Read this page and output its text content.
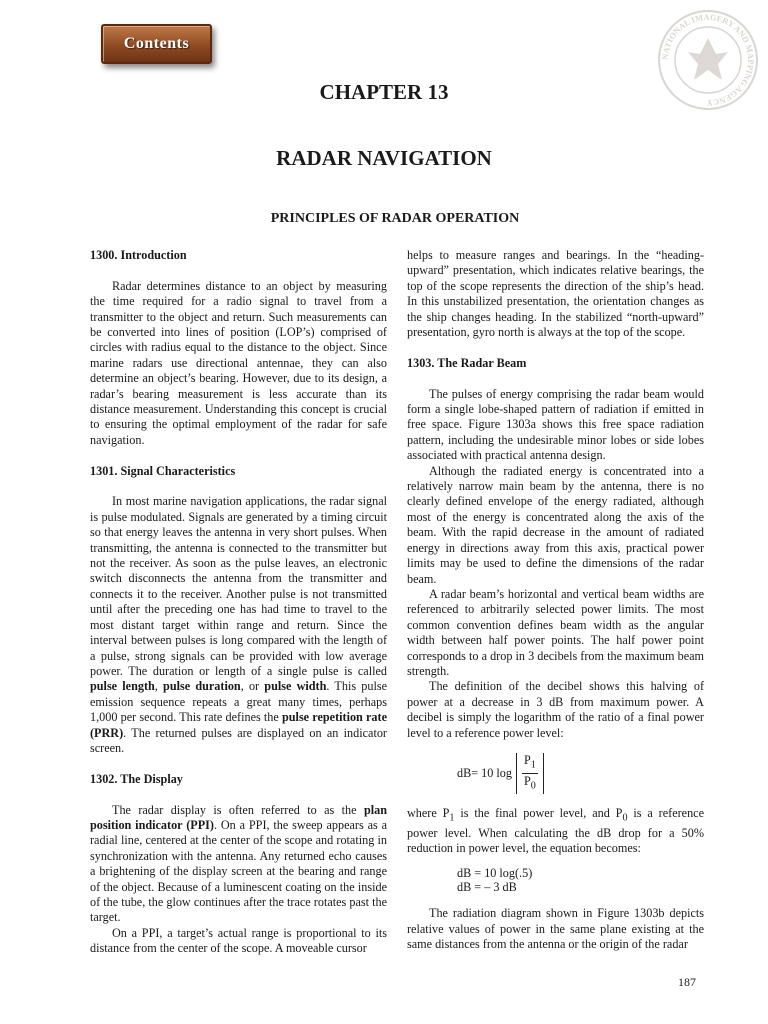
Contents
NATIONAL IMAGERY AND MAPPING AGENCY
CHAPTER 13
RADAR NAVIGATION
PRINCIPLES OF RADAR OPERATION
1300. Introduction

Radar determines distance to an object by measuring the time required for a radio signal to travel from a transmitter to the object and return. Such measurements can be converted into lines of position (LOP’s) comprised of circles with radius equal to the distance to the object. Since marine radars use directional antennae, they can also determine an object’s bearing. However, due to its design, a radar’s bearing measurement is less accurate than its distance measurement. Understanding this concept is crucial to ensuring the optimal employment of the radar for safe navigation.

1301. Signal Characteristics

In most marine navigation applications, the radar signal is pulse modulated. Signals are generated by a timing circuit so that energy leaves the antenna in very short pulses. When transmitting, the antenna is connected to the transmitter but not the receiver. As soon as the pulse leaves, an electronic switch disconnects the antenna from the transmitter and connects it to the receiver. Another pulse is not transmitted until after the preceding one has had time to travel to the most distant target within range and return. Since the interval between pulses is long compared with the length of a pulse, strong signals can be provided with low average power. The duration or length of a single pulse is called pulse length, pulse duration, or pulse width. This pulse emission sequence repeats a great many times, perhaps 1,000 per second. This rate defines the pulse repetition rate (PRR). The returned pulses are displayed on an indicator screen.

1302. The Display

The radar display is often referred to as the plan position indicator (PPI). On a PPI, the sweep appears as a radial line, centered at the center of the scope and rotating in synchronization with the antenna. Any returned echo causes a brightening of the display screen at the bearing and range of the object. Because of a luminescent coating on the inside of the tube, the glow continues after the trace rotates past the target.

On a PPI, a target’s actual range is proportional to its distance from the center of the scope. A moveable cursor

helps to measure ranges and bearings. In the “heading-upward” presentation, which indicates relative bearings, the top of the scope represents the direction of the ship’s head. In this unstabilized presentation, the orientation changes as the ship changes heading. In the stabilized “north-upward” presentation, gyro north is always at the top of the scope.

1303. The Radar Beam

The pulses of energy comprising the radar beam would form a single lobe-shaped pattern of radiation if emitted in free space. Figure 1303a shows this free space radiation pattern, including the undesirable minor lobes or side lobes associated with practical antenna design.

Although the radiated energy is concentrated into a relatively narrow main beam by the antenna, there is no clearly defined envelope of the energy radiated, although most of the energy is concentrated along the axis of the beam. With the rapid decrease in the amount of radiated energy in directions away from this axis, practical power limits may be used to define the dimensions of the radar beam.

A radar beam’s horizontal and vertical beam widths are referenced to arbitrarily selected power limits. The most common convention defines beam width as the angular width between half power points. The half power point corresponds to a drop in 3 decibels from the maximum beam strength.

The definition of the decibel shows this halving of power at a decrease in 3 dB from maximum power. A decibel is simply the logarithm of the ratio of a final power level to a reference power level:

dB= 10 $\log \frac{P_1}{P_0}$

where $P_1$ is the final power level, and $P_0$ is a reference power level. When calculating the dB drop for a 50% reduction in power level, the equation becomes:

dB = 10 log(.5)
dB = – 3 dB

The radiation diagram shown in Figure 1303b depicts relative values of power in the same plane existing at the same distances from the antenna or the origin of the radar

187
